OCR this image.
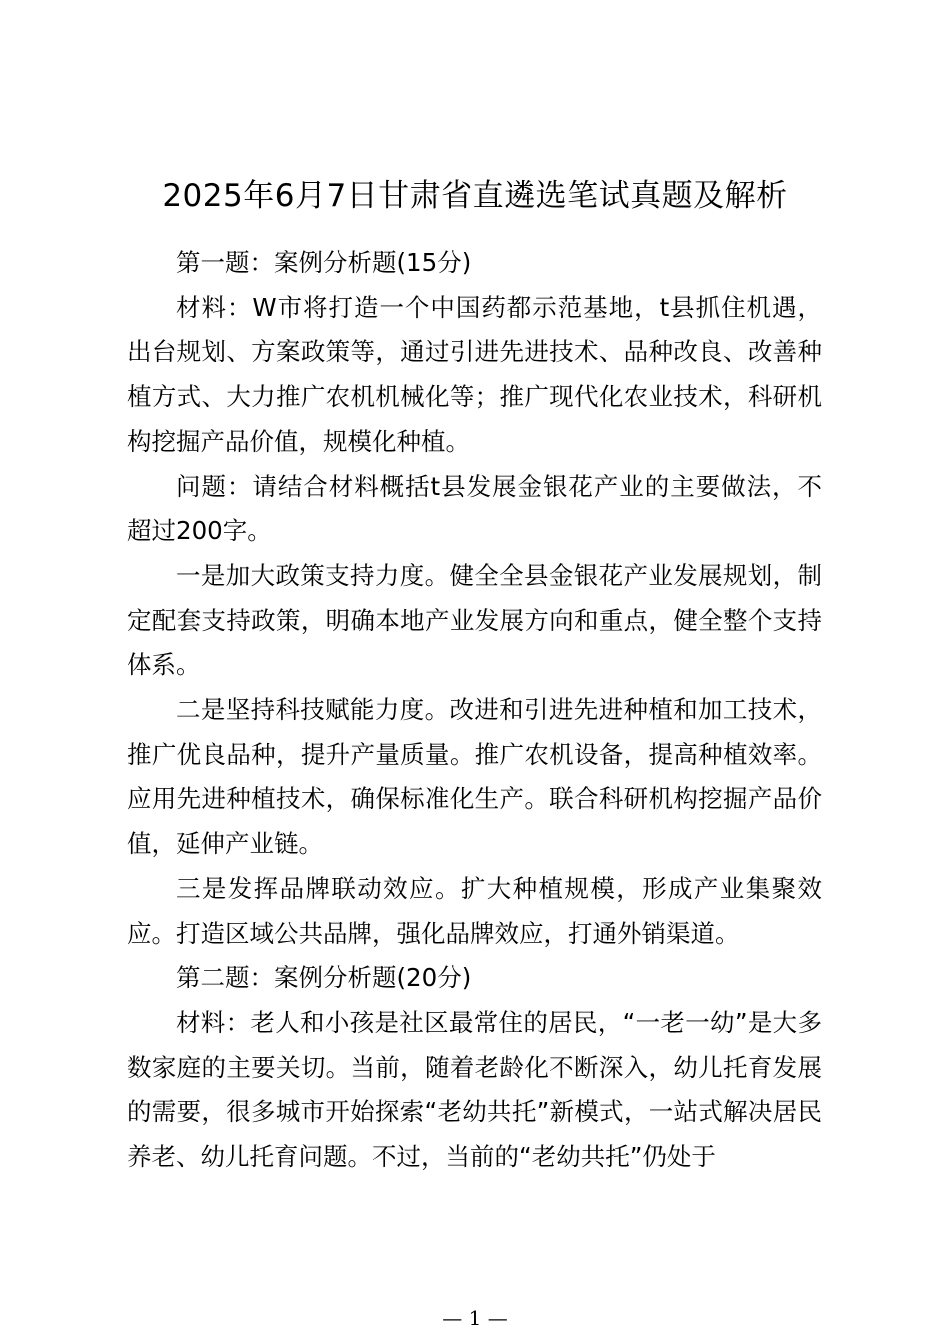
2025年6月7日甘肃省直遴选笔试真题及解析

第一题：案例分析题(15分)

材料：W市将打造一个中国药都示范基地，t县抓住机遇，出台规划、方案政策等，通过引进先进技术、品种改良、改善种植方式、大力推广农机机械化等；推广现代化农业技术，科研机构挖掘产品价值，规模化种植。

问题：请结合材料概括t县发展金银花产业的主要做法，不超过200字。

一是加大政策支持力度。健全全县金银花产业发展规划，制定配套支持政策，明确本地产业发展方向和重点，健全整个支持体系。

二是坚持科技赋能力度。改进和引进先进种植和加工技术，推广优良品种，提升产量质量。推广农机设备，提高种植效率。应用先进种植技术，确保标准化生产。联合科研机构挖掘产品价值，延伸产业链。

三是发挥品牌联动效应。扩大种植规模，形成产业集聚效应。打造区域公共品牌，强化品牌效应，打通外销渠道。

第二题：案例分析题(20分)

材料：老人和小孩是社区最常住的居民，“一老一幼”是大多数家庭的主要关切。当前，随着老龄化不断深入，幼儿托育发展的需要，很多城市开始探索“老幼共托”新模式，一站式解决居民养老、幼儿托育问题。不过，当前的“老幼共托”仍处于

— 1 —
